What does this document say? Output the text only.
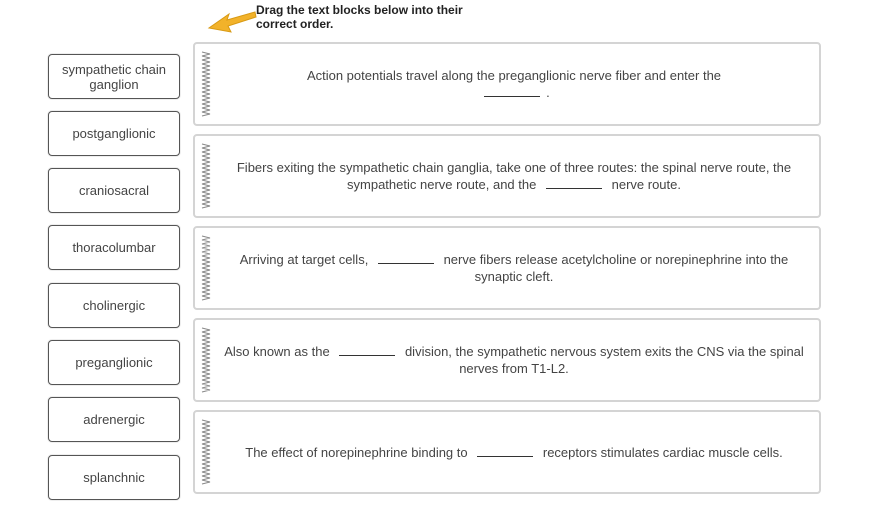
Drag the text blocks below into their correct order.
sympathetic chain ganglion
postganglionic
craniosacral
thoracolumbar
cholinergic
preganglionic
adrenergic
splanchnic

Action potentials travel along the preganglionic nerve fiber and enter the
.

Fibers exiting the sympathetic chain ganglia, take one of three routes: the spinal nerve route, the sympathetic nerve route, and the	nerve route.

Arriving at target cells,	nerve fibers release acetylcholine or norepinephrine into the synaptic cleft.

Also known as the	division, the sympathetic nervous system exits the CNS via the spinal nerves from T1-L2.

The effect of norepinephrine binding to	receptors stimulates cardiac muscle cells.
